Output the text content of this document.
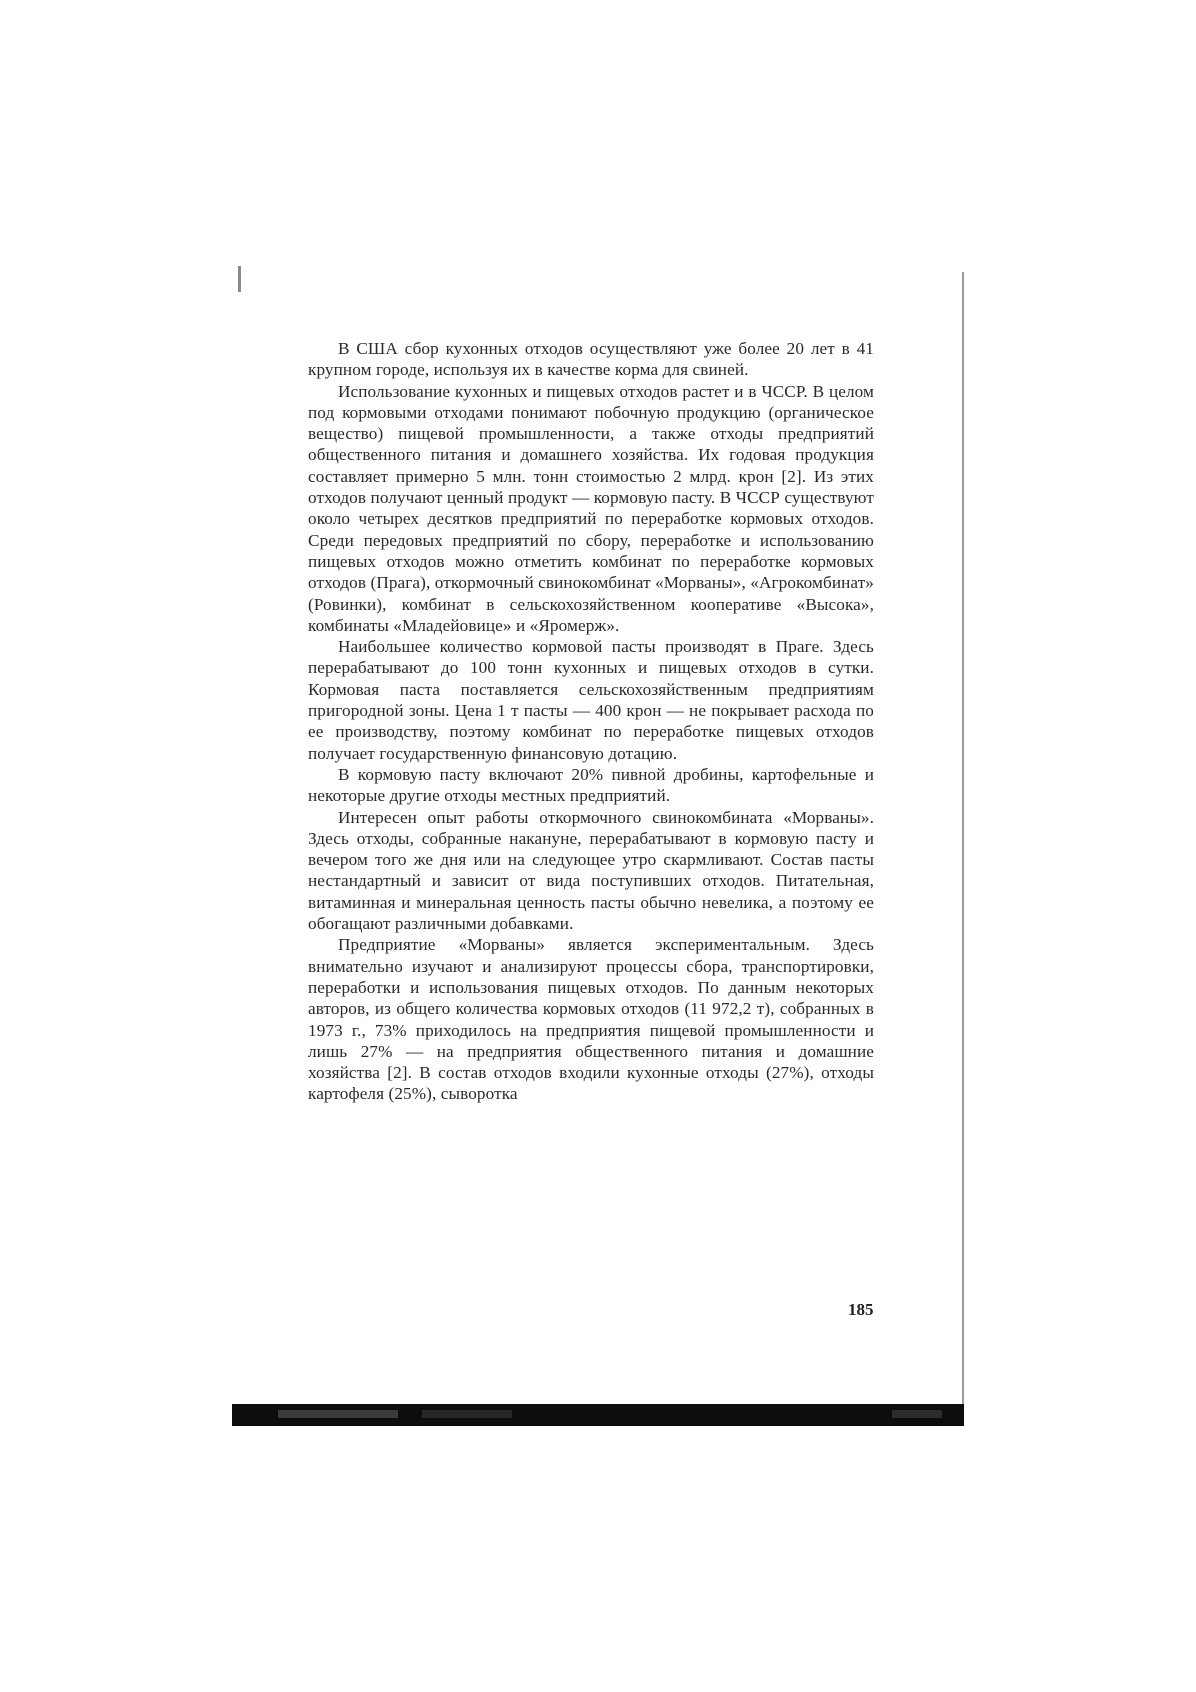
В США сбор кухонных отходов осуществляют уже более 20 лет в 41 крупном городе, используя их в качестве корма для свиней.

Использование кухонных и пищевых отходов растет и в ЧССР. В целом под кормовыми отходами понимают побочную продукцию (органическое вещество) пищевой промышленности, а также отходы предприятий общественного питания и домашнего хозяйства. Их годовая продукция составляет примерно 5 млн. тонн стоимостью 2 млрд. крон [2]. Из этих отходов получают ценный продукт — кормовую пасту. В ЧССР существуют около четырех десятков предприятий по переработке кормовых отходов. Среди передовых предприятий по сбору, переработке и использованию пищевых отходов можно отметить комбинат по переработке кормовых отходов (Прага), откормочный свинокомбинат «Морваны», «Агрокомбинат» (Ровинки), комбинат в сельскохозяйственном кооперативе «Высока», комбинаты «Младейовице» и «Яромерж».

Наибольшее количество кормовой пасты производят в Праге. Здесь перерабатывают до 100 тонн кухонных и пищевых отходов в сутки. Кормовая паста поставляется сельскохозяйственным предприятиям пригородной зоны. Цена 1 т пасты — 400 крон — не покрывает расхода по ее производству, поэтому комбинат по переработке пищевых отходов получает государственную финансовую дотацию.

В кормовую пасту включают 20% пивной дробины, картофельные и некоторые другие отходы местных предприятий.

Интересен опыт работы откормочного свинокомбината «Морваны». Здесь отходы, собранные накануне, перерабатывают в кормовую пасту и вечером того же дня или на следующее утро скармливают. Состав пасты нестандартный и зависит от вида поступивших отходов. Питательная, витаминная и минеральная ценность пасты обычно невелика, а поэтому ее обогащают различными добавками.

Предприятие «Морваны» является экспериментальным. Здесь внимательно изучают и анализируют процессы сбора, транспортировки, переработки и использования пищевых отходов. По данным некоторых авторов, из общего количества кормовых отходов (11 972,2 т), собранных в 1973 г., 73% приходилось на предприятия пищевой промышленности и лишь 27% — на предприятия общественного питания и домашние хозяйства [2]. В состав отходов входили кухонные отходы (27%), отходы картофеля (25%), сыворотка

185
